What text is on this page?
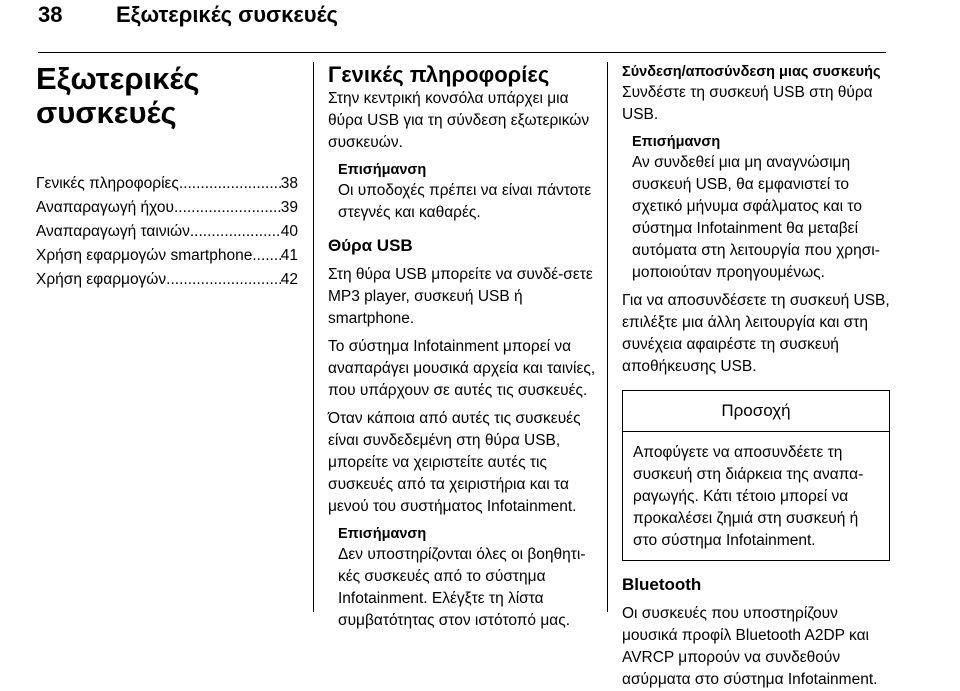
38 Εξωτερικές συσκευές
Εξωτερικές
συσκευές
Γενικές πληροφορίες .....	38
Αναπαραγωγή ήχου .....	39
Αναπαραγωγή ταινιών .....	40
Χρήση εφαρμογών smartphone ..... 41
Χρήση εφαρμογών .....	42
Γενικές πληροφορίες

Στην κεντρική κονσόλα υπάρχει μια θύρα USB για τη σύνδεση εξωτερικών συσκευών.

Επισήμανση

Οι υποδοχές πρέπει να είναι πάντοτε στεγνές και καθαρές.

Θύρα USB

Στη θύρα USB μπορείτε να συνδέ-σετε MP3 player, συσκευή USB ή smartphone.

Το σύστημα Infotainment μπορεί να αναπαράγει μουσικά αρχεία και ταινίες, που υπάρχουν σε αυτές τις συσκευές.

Όταν κάποια από αυτές τις συσκευές είναι συνδεδεμένη στη θύρα USB, μπορείτε να χειριστείτε αυτές τις συσκευές από τα χειριστήρια και τα μενού του συστήματος Infotainment.

Επισήμανση

Δεν υποστηρίζονται όλες οι βοηθητι-κές συσκευές από το σύστημα Infotainment. Ελέγξτε τη λίστα συμβατότητας στον ιστότοπό μας.

Σύνδεση/αποσύνδεση μιας συσκευής

Συνδέστε τη συσκευή USB στη θύρα USB.

Επισήμανση

Αν συνδεθεί μια μη αναγνώσιμη συσκευή USB, θα εμφανιστεί το σχετικό μήνυμα σφάλματος και το σύστημα Infotainment θα μεταβεί αυτόματα στη λειτουργία που χρησι-μοποιούταν προηγουμένως.

Για να αποσυνδέσετε τη συσκευή USB, επιλέξτε μια άλλη λειτουργία και στη συνέχεια αφαιρέστε τη συσκευή αποθήκευσης USB.

Προσοχή
Αποφύγετε να αποσυνδέετε τη συσκευή στη διάρκεια της αναπα-ραγωγής. Κάτι τέτοιο μπορεί να προκαλέσει ζημιά στη συσκευή ή στο σύστημα Infotainment.
Bluetooth

Οι συσκευές που υποστηρίζουν μουσικά προφίλ Bluetooth A2DP και AVRCP μπορούν να συνδεθούν ασύρματα στο σύστημα Infotainment.
